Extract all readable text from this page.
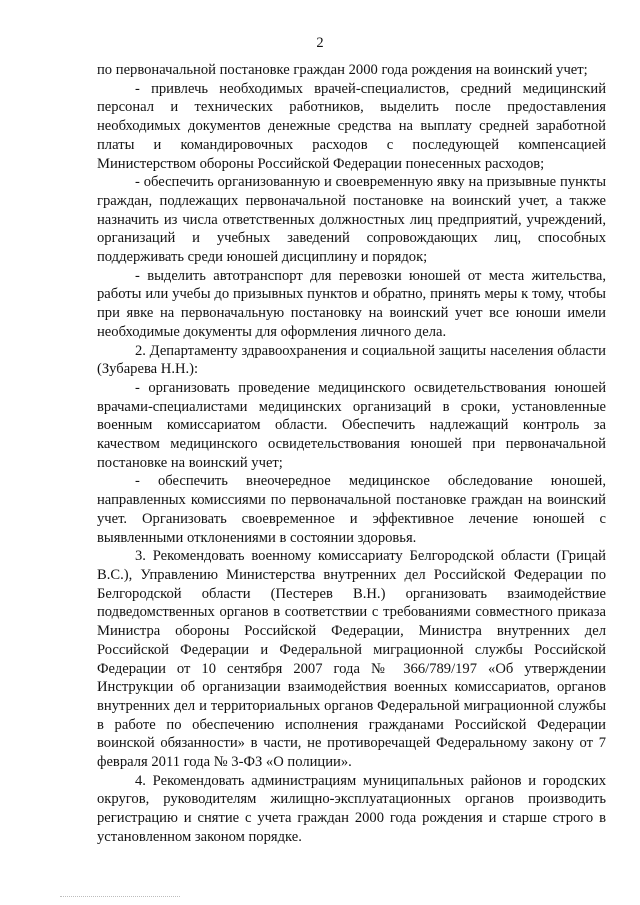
2

по первоначальной постановке граждан 2000 года рождения на воинский учет;

- привлечь необходимых врачей-специалистов, средний медицинский персонал и технических работников, выделить после предоставления необходимых документов денежные средства на выплату средней заработной платы и командировочных расходов с последующей компенсацией Министерством обороны Российской Федерации понесенных расходов;

- обеспечить организованную и своевременную явку на призывные пункты граждан, подлежащих первоначальной постановке на воинский учет, а также назначить из числа ответственных должностных лиц предприятий, учреждений, организаций и учебных заведений сопровождающих лиц, способных поддерживать среди юношей дисциплину и порядок;

- выделить автотранспорт для перевозки юношей от места жительства, работы или учебы до призывных пунктов и обратно, принять меры к тому, чтобы при явке на первоначальную постановку на воинский учет все юноши имели необходимые документы для оформления личного дела.

2. Департаменту здравоохранения и социальной защиты населения области (Зубарева Н.Н.):

- организовать проведение медицинского освидетельствования юношей врачами-специалистами медицинских организаций в сроки, установленные военным комиссариатом области. Обеспечить надлежащий контроль за качеством медицинского освидетельствования юношей при первоначальной постановке на воинский учет;

- обеспечить внеочередное медицинское обследование юношей, направленных комиссиями по первоначальной постановке граждан на воинский учет. Организовать своевременное и эффективное лечение юношей с выявленными отклонениями в состоянии здоровья.

3. Рекомендовать военному комиссариату Белгородской области (Грицай В.С.), Управлению Министерства внутренних дел Российской Федерации по Белгородской области (Пестерев В.Н.) организовать взаимодействие подведомственных органов в соответствии с требованиями совместного приказа Министра обороны Российской Федерации, Министра внутренних дел Российской Федерации и Федеральной миграционной службы Российской Федерации от 10 сентября 2007 года № 366/789/197 «Об утверждении Инструкции об организации взаимодействия военных комиссариатов, органов внутренних дел и территориальных органов Федеральной миграционной службы в работе по обеспечению исполнения гражданами Российской Федерации воинской обязанности» в части, не противоречащей Федеральному закону от 7 февраля 2011 года № 3-ФЗ «О полиции».

4. Рекомендовать администрациям муниципальных районов и городских округов, руководителям жилищно-эксплуатационных органов производить регистрацию и снятие с учета граждан 2000 года рождения и старше строго в установленном законом порядке.
